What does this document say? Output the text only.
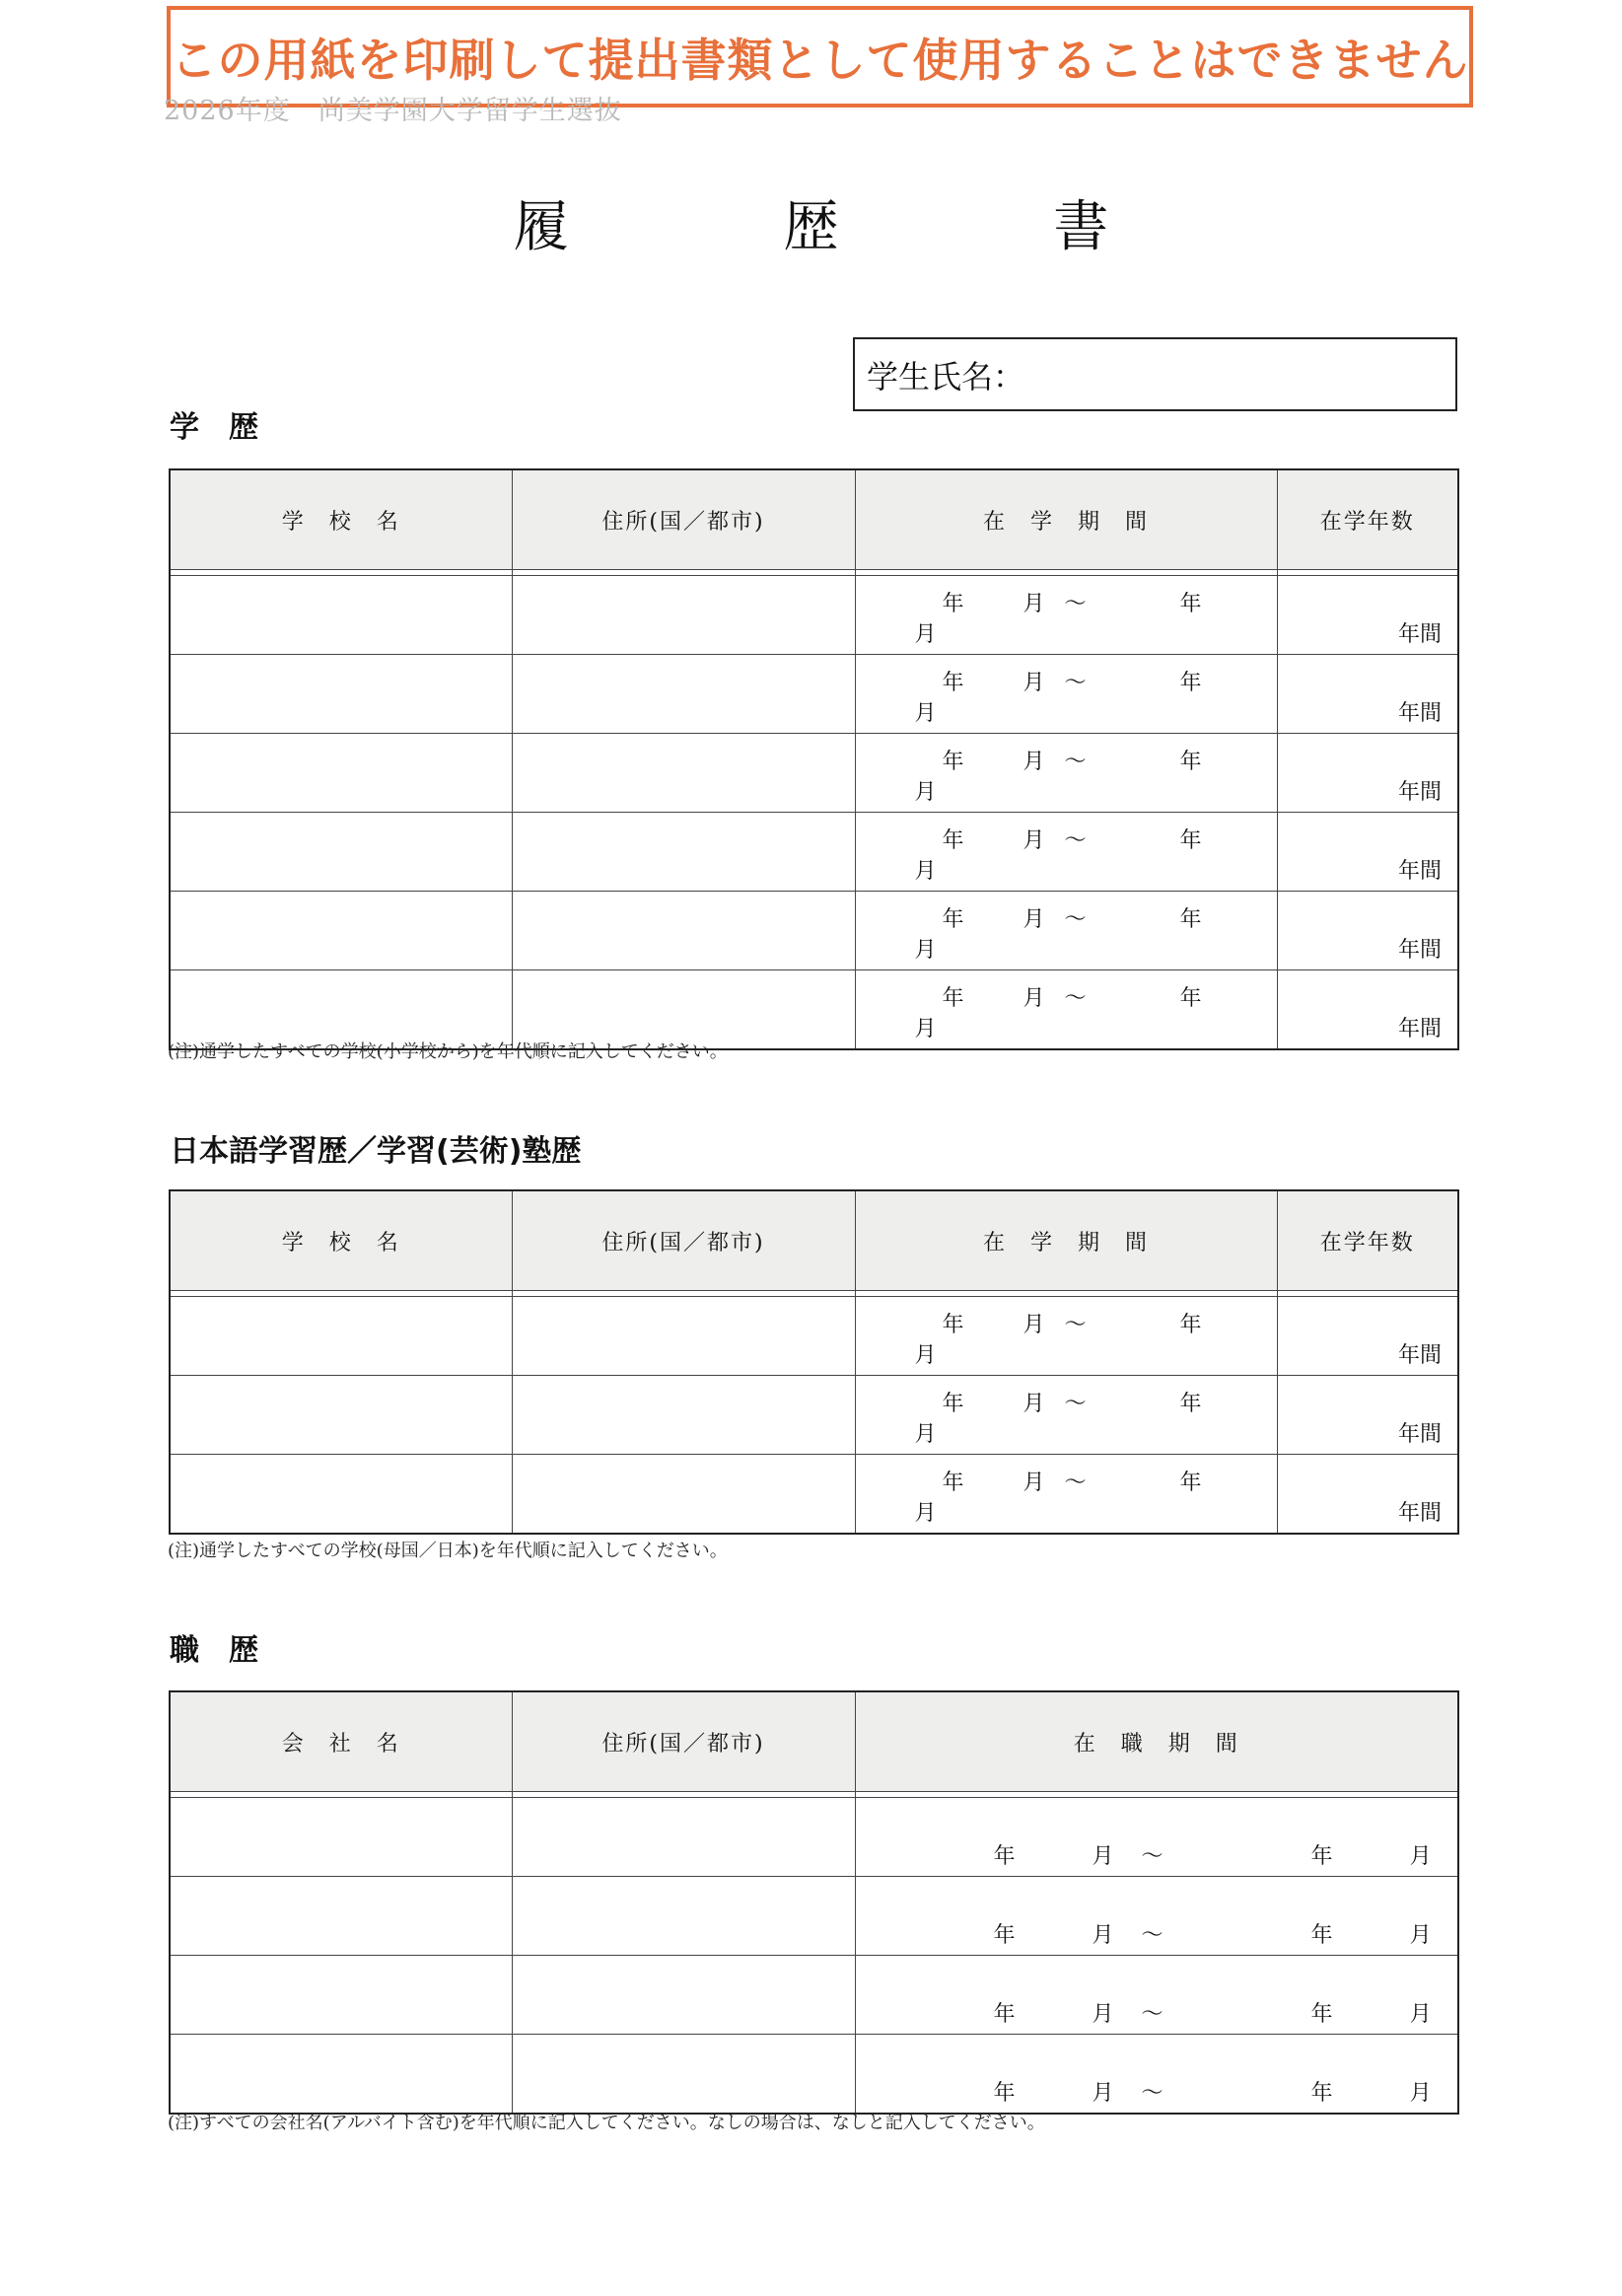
この用紙を印刷して提出書類として使用することはできません
2026年度　尚美学園大学留学生選抜
履 歴 書
学生氏名：
学　歴
学　校　名	住所(国／都市)	在　学　期　間	在学年数

		年 月 ～ 年月	年間
		年 月 ～ 年月	年間
		年 月 ～ 年月	年間
		年 月 ～ 年月	年間
		年 月 ～ 年月	年間
		年 月 ～ 年月	年間
(注)通学したすべての学校(小学校から)を年代順に記入してください。
日本語学習歴／学習(芸術)塾歴
学　校　名	住所(国／都市)	在　学　期　間	在学年数

		年 月 ～ 年月	年間
		年 月 ～ 年月	年間
		年 月 ～ 年月	年間
(注)通学したすべての学校(母国／日本)を年代順に記入してください。
職　歴
会　社　名	住所(国／都市)	在　職　期　間

		年 月 ～ 年 月
		年 月 ～ 年 月
		年 月 ～ 年 月
		年 月 ～ 年 月
(注)すべての会社名(アルバイト含む)を年代順に記入してください。なしの場合は、なしと記入してください。
